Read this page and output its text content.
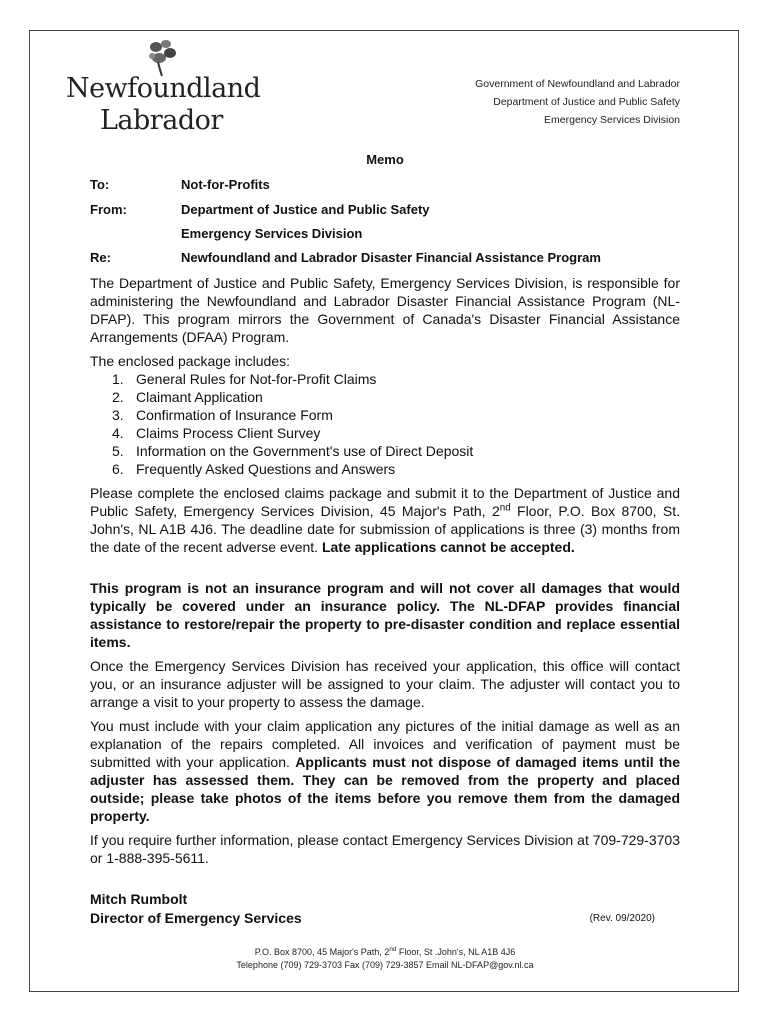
Newfoundland
Labrador
Government of Newfoundland and Labrador
Department of Justice and Public Safety
Emergency Services Division
Memo
To:	Not-for-Profits
From:	Department of Justice and Public Safety
Emergency Services Division
Re:	Newfoundland and Labrador Disaster Financial Assistance Program
The Department of Justice and Public Safety, Emergency Services Division, is responsible for administering the Newfoundland and Labrador Disaster Financial Assistance Program (NL-DFAP). This program mirrors the Government of Canada's Disaster Financial Assistance Arrangements (DFAA) Program.
The enclosed package includes:
1. General Rules for Not-for-Profit Claims
2. Claimant Application
3. Confirmation of Insurance Form
4. Claims Process Client Survey
5. Information on the Government's use of Direct Deposit
6. Frequently Asked Questions and Answers
Please complete the enclosed claims package and submit it to the Department of Justice and Public Safety, Emergency Services Division, 45 Major's Path, 2nd Floor, P.O. Box 8700, St. John's, NL A1B 4J6. The deadline date for submission of applications is three (3) months from the date of the recent adverse event. Late applications cannot be accepted.
This program is not an insurance program and will not cover all damages that would typically be covered under an insurance policy. The NL-DFAP provides financial assistance to restore/repair the property to pre-disaster condition and replace essential items.
Once the Emergency Services Division has received your application, this office will contact you, or an insurance adjuster will be assigned to your claim. The adjuster will contact you to arrange a visit to your property to assess the damage.
You must include with your claim application any pictures of the initial damage as well as an explanation of the repairs completed. All invoices and verification of payment must be submitted with your application. Applicants must not dispose of damaged items until the adjuster has assessed them. They can be removed from the property and placed outside; please take photos of the items before you remove them from the damaged property.
If you require further information, please contact Emergency Services Division at 709-729-3703 or 1-888-395-5611.
Mitch Rumbolt
Director of Emergency Services	(Rev. 09/2020)
P.O. Box 8700, 45 Major's Path, 2nd Floor, St .John's, NL A1B 4J6
Telephone (709) 729-3703 Fax (709) 729-3857 Email NL-DFAP@gov.nl.ca
